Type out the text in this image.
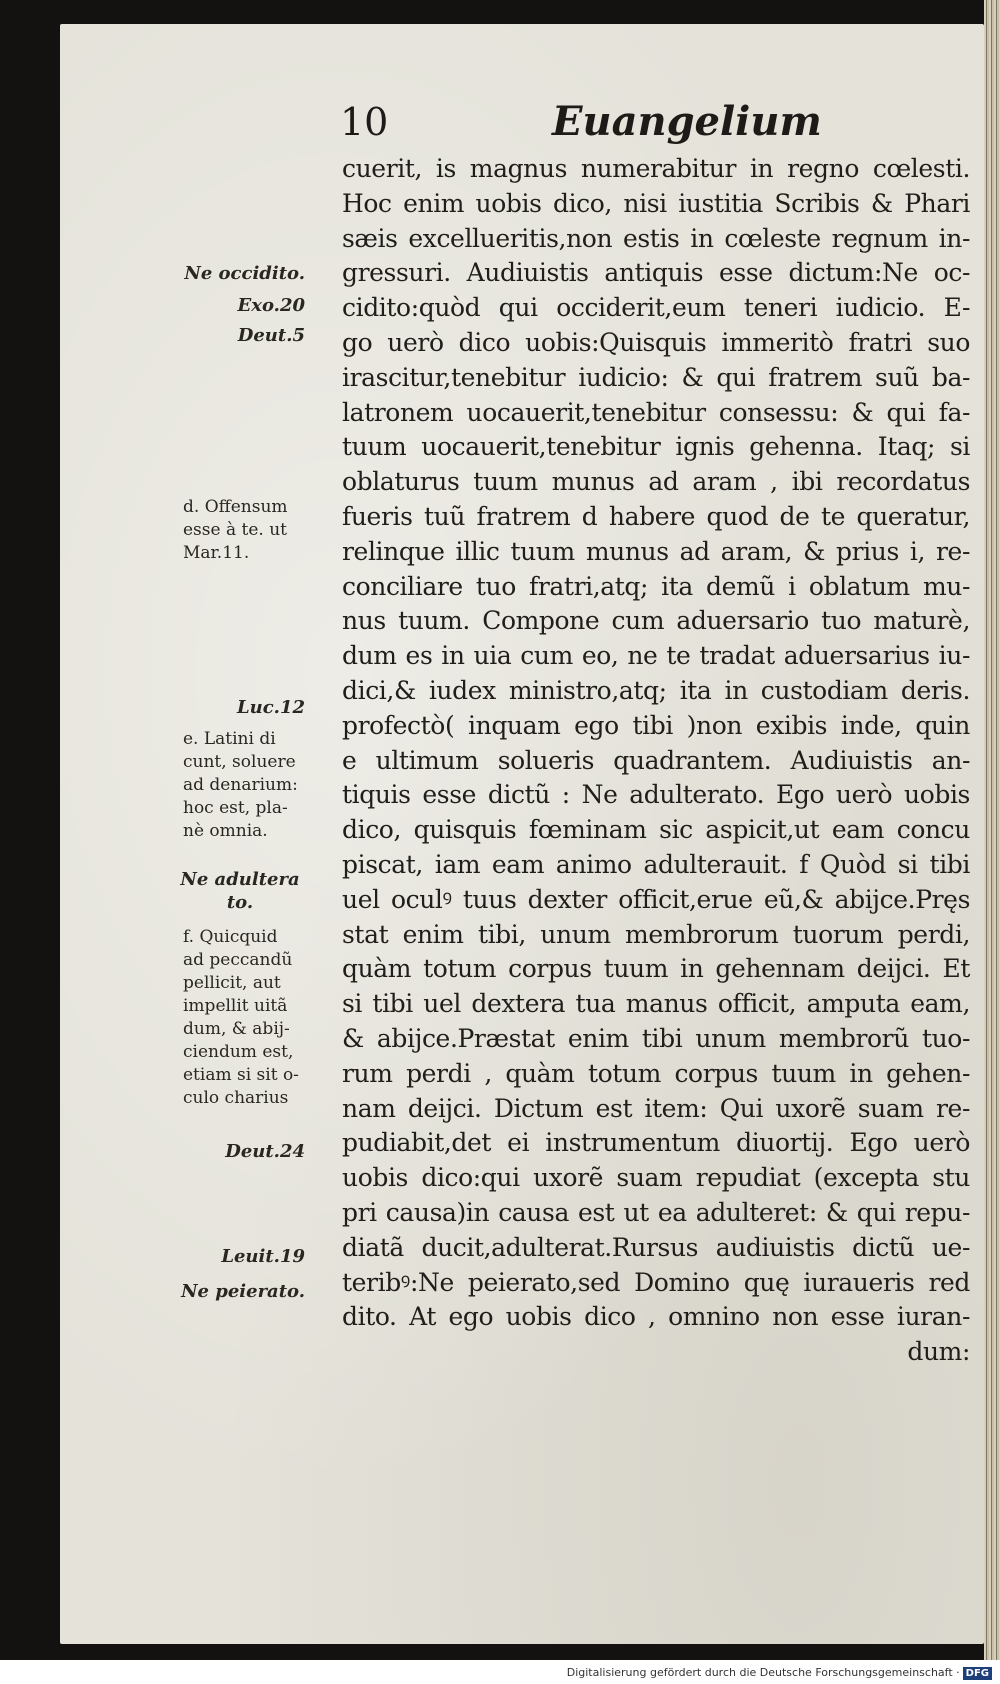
10	Euangelium
cuerit, is magnus numerabitur in regno cœlesti.
Hoc enim uobis dico, nisi iustitia Scribis & Phari
sæis excellueritis,non estis in cœleste regnum in-
gressuri. Audiuistis antiquis esse dictum:Ne oc-
cidito:quòd qui occiderit,eum teneri iudicio. E-
go uerò dico uobis:Quisquis immeritò fratri suo
irascitur,tenebitur iudicio: & qui fratrem suũ ba-
latronem uocauerit,tenebitur consessu: & qui fa-
tuum uocauerit,tenebitur ignis gehenna. Itaq; si
oblaturus tuum munus ad aram , ibi recordatus
fueris tuũ fratrem d habere quod de te queratur,
relinque illic tuum munus ad aram, & prius i, re-
conciliare tuo fratri,atq; ita demũ i oblatum mu-
nus tuum. Compone cum aduersario tuo maturè,
dum es in uia cum eo, ne te tradat aduersarius iu-
dici,& iudex ministro,atq; ita in custodiam deris.
profectò( inquam ego tibi )non exibis inde, quin
e ultimum solueris quadrantem. Audiuistis an-
tiquis esse dictũ : Ne adulterato. Ego uerò uobis
dico, quisquis fœminam sic aspicit,ut eam concu
piscat, iam eam animo adulterauit. f Quòd si tibi
uel oculꝰ tuus dexter officit,erue eũ,& abijce.Pręs
stat enim tibi, unum membrorum tuorum perdi,
quàm totum corpus tuum in gehennam deijci. Et
si tibi uel dextera tua manus officit, amputa eam,
& abijce.Præstat enim tibi unum membrorũ tuo-
rum perdi , quàm totum corpus tuum in gehen-
nam deijci. Dictum est item: Qui uxorẽ suam re-
pudiabit,det ei instrumentum diuortij. Ego uerò
uobis dico:qui uxorẽ suam repudiat (excepta stu
pri causa)in causa est ut ea adulteret: & qui repu-
diatã ducit,adulterat.Rursus audiuistis dictũ ue-
teribꝰ:Ne peierato,sed Domino quę iuraueris red
dito. At ego uobis dico , omnino non esse iuran-
dum:
Ne occidito.
Exo.20
Deut.5
d. Offensum
esse à te. ut
Mar.11.
Luc.12
e. Latini di
cunt, soluere
ad denarium:
hoc est, pla-
nè omnia.
Ne adultera
to.
f. Quicquid
ad peccandũ
pellicit, aut
impellit uitã
dum, & abij-
ciendum est,
etiam si sit o-
culo charius
Deut.24
Leuit.19
Ne peierato.
Digitalisierung gefördert durch die Deutsche Forschungsgemeinschaft · DFG
